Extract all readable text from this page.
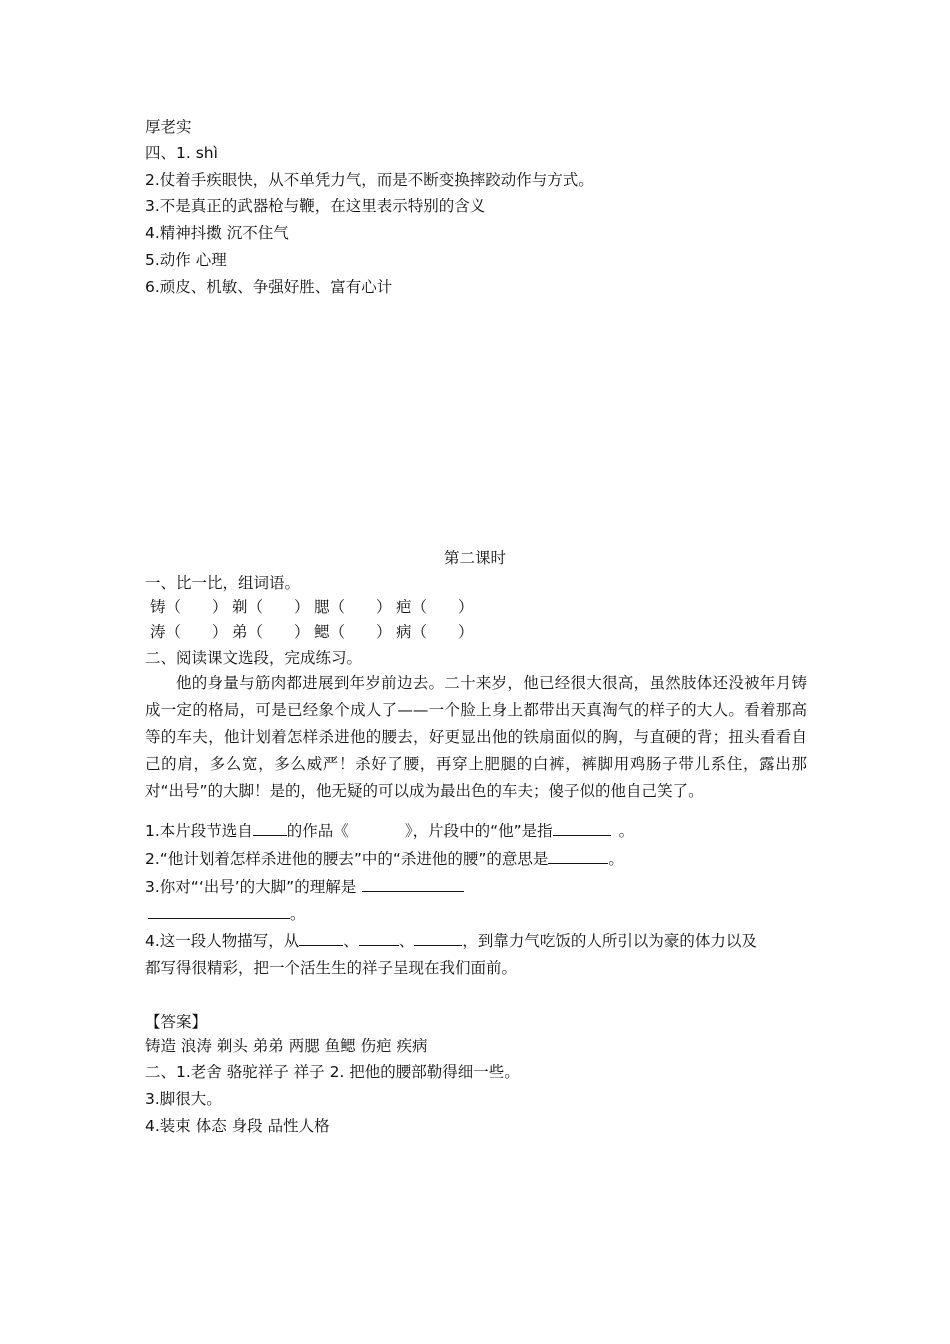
厚老实
四、1. shì
2.仗着手疾眼快，从不单凭力气，而是不断变换摔跤动作与方式。
3.不是真正的武器枪与鞭，在这里表示特别的含义
4.精神抖擞 沉不住气
5.动作 心理
6.顽皮、机敏、争强好胜、富有心计
第二课时
一、比一比，组词语。
铸（　　） 剃（　　） 腮（　　） 疤（　　）
涛（　　） 弟（　　） 鳃（　　） 病（　　）
二、阅读课文选段，完成练习。
他的身量与筋肉都进展到年岁前边去。二十来岁，他已经很大很高，虽然肢体还没被年月铸成一定的格局，可是已经象个成人了——一个脸上身上都带出天真淘气的样子的大人。看着那高等的车夫，他计划着怎样杀进他的腰去，好更显出他的铁扇面似的胸，与直硬的背；扭头看看自己的肩，多么宽，多么威严！杀好了腰，再穿上肥腿的白裤，裤脚用鸡肠子带儿系住，露出那对“出号”的大脚！是的，他无疑的可以成为最出色的车夫；傻子似的他自己笑了。
1.本片段节选自 的作品《	》，片段中的“他”是指	。
2.“他计划着怎样杀进他的腰去”中的“杀进他的腰”的意思是	。
3.你对“‘出号’的大脚”的理解是
。
4.这一段人物描写，从	、	、	，到靠力气吃饭的人所引以为豪的体力以及
都写得很精彩，把一个活生生的祥子呈现在我们面前。
【答案】
铸造 浪涛 剃头 弟弟 两腮 鱼鳃 伤疤 疾病
二、1.老舍 骆驼祥子 祥子 2. 把他的腰部勒得细一些。
3.脚很大。
4.装束 体态 身段 品性人格
